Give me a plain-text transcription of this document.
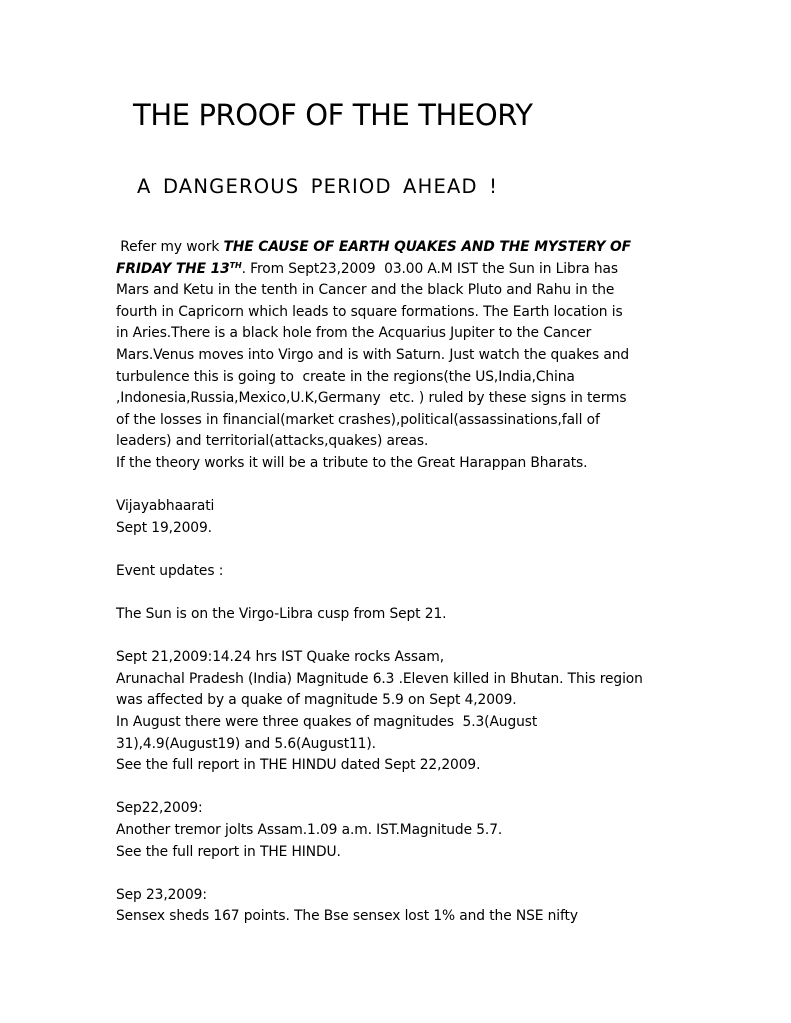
THE PROOF OF THE THEORY
A DANGEROUS PERIOD AHEAD !
Refer my work THE CAUSE OF EARTH QUAKES AND THE MYSTERY OF
FRIDAY THE 13TH. From Sept23,2009  03.00 A.M IST the Sun in Libra has
Mars and Ketu in the tenth in Cancer and the black Pluto and Rahu in the
fourth in Capricorn which leads to square formations. The Earth location is
in Aries.There is a black hole from the Acquarius Jupiter to the Cancer
Mars.Venus moves into Virgo and is with Saturn. Just watch the quakes and
turbulence this is going to  create in the regions(the US,India,China
,Indonesia,Russia,Mexico,U.K,Germany  etc. ) ruled by these signs in terms
of the losses in financial(market crashes),political(assassinations,fall of
leaders) and territorial(attacks,quakes) areas.
If the theory works it will be a tribute to the Great Harappan Bharats.
Vijayabhaarati
Sept 19,2009.
Event updates :
The Sun is on the Virgo-Libra cusp from Sept 21.
Sept 21,2009:14.24 hrs IST Quake rocks Assam,
Arunachal Pradesh (India) Magnitude 6.3 .Eleven killed in Bhutan. This region
was affected by a quake of magnitude 5.9 on Sept 4,2009.
In August there were three quakes of magnitudes  5.3(August
31),4.9(August19) and 5.6(August11).
See the full report in THE HINDU dated Sept 22,2009.
Sep22,2009:
Another tremor jolts Assam.1.09 a.m. IST.Magnitude 5.7.
See the full report in THE HINDU.
Sep 23,2009:
Sensex sheds 167 points. The Bse sensex lost 1% and the NSE nifty
